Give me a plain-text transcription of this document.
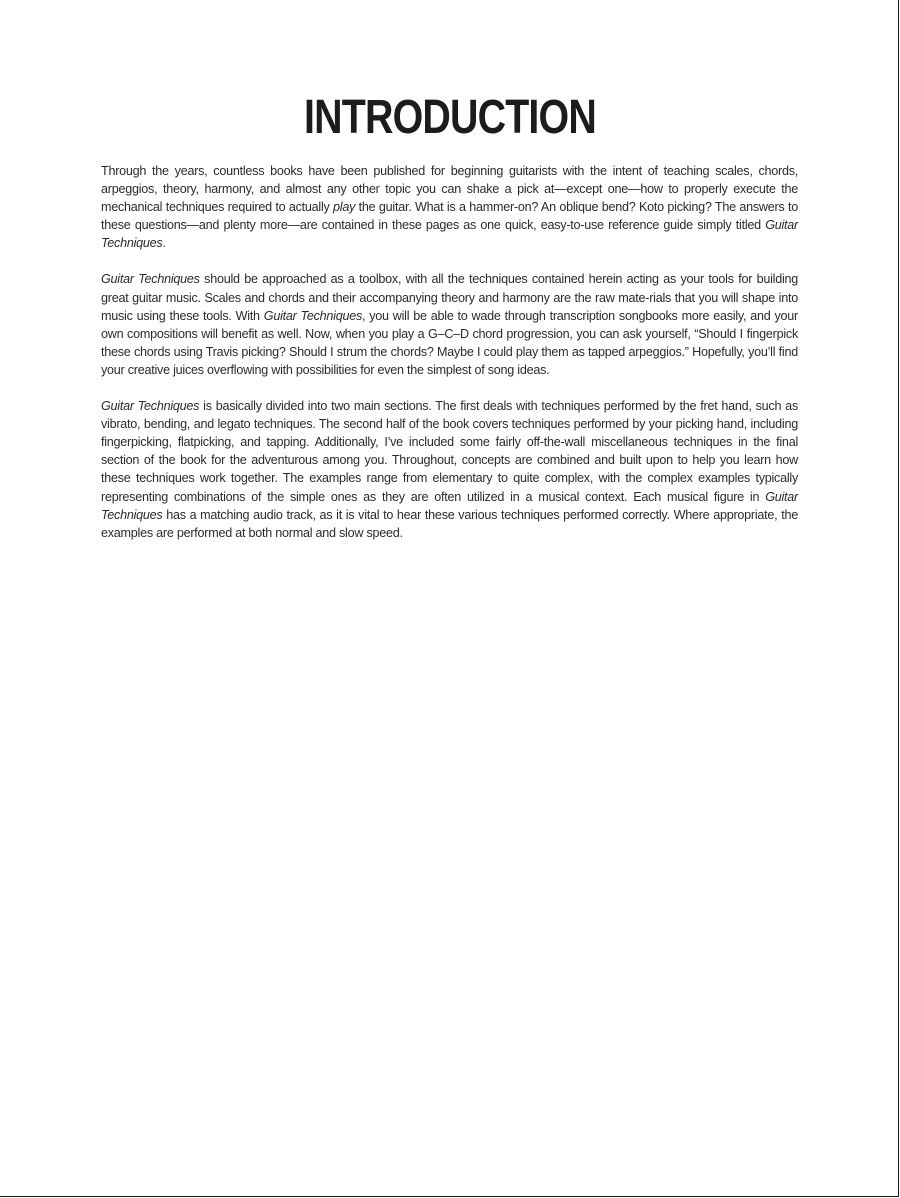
INTRODUCTION

Through the years, countless books have been published for beginning guitarists with the intent of teaching scales, chords, arpeggios, theory, harmony, and almost any other topic you can shake a pick at—except one—how to properly execute the mechanical techniques required to actually play the guitar. What is a hammer-on? An oblique bend? Koto picking? The answers to these questions—and plenty more—are contained in these pages as one quick, easy-to-use reference guide simply titled Guitar Techniques.

Guitar Techniques should be approached as a toolbox, with all the techniques contained herein acting as your tools for building great guitar music. Scales and chords and their accompanying theory and harmony are the raw mate-rials that you will shape into music using these tools. With Guitar Techniques, you will be able to wade through transcription songbooks more easily, and your own compositions will benefit as well. Now, when you play a G–C–D chord progression, you can ask yourself, “Should I fingerpick these chords using Travis picking? Should I strum the chords? Maybe I could play them as tapped arpeggios.” Hopefully, you’ll find your creative juices overflowing with possibilities for even the simplest of song ideas.

Guitar Techniques is basically divided into two main sections. The first deals with techniques performed by the fret hand, such as vibrato, bending, and legato techniques. The second half of the book covers techniques performed by your picking hand, including fingerpicking, flatpicking, and tapping. Additionally, I’ve included some fairly off-the-wall miscellaneous techniques in the final section of the book for the adventurous among you. Throughout, concepts are combined and built upon to help you learn how these techniques work together. The examples range from elementary to quite complex, with the complex examples typically representing combinations of the simple ones as they are often utilized in a musical context. Each musical figure in Guitar Techniques has a matching audio track, as it is vital to hear these various techniques performed correctly. Where appropriate, the examples are performed at both normal and slow speed.
